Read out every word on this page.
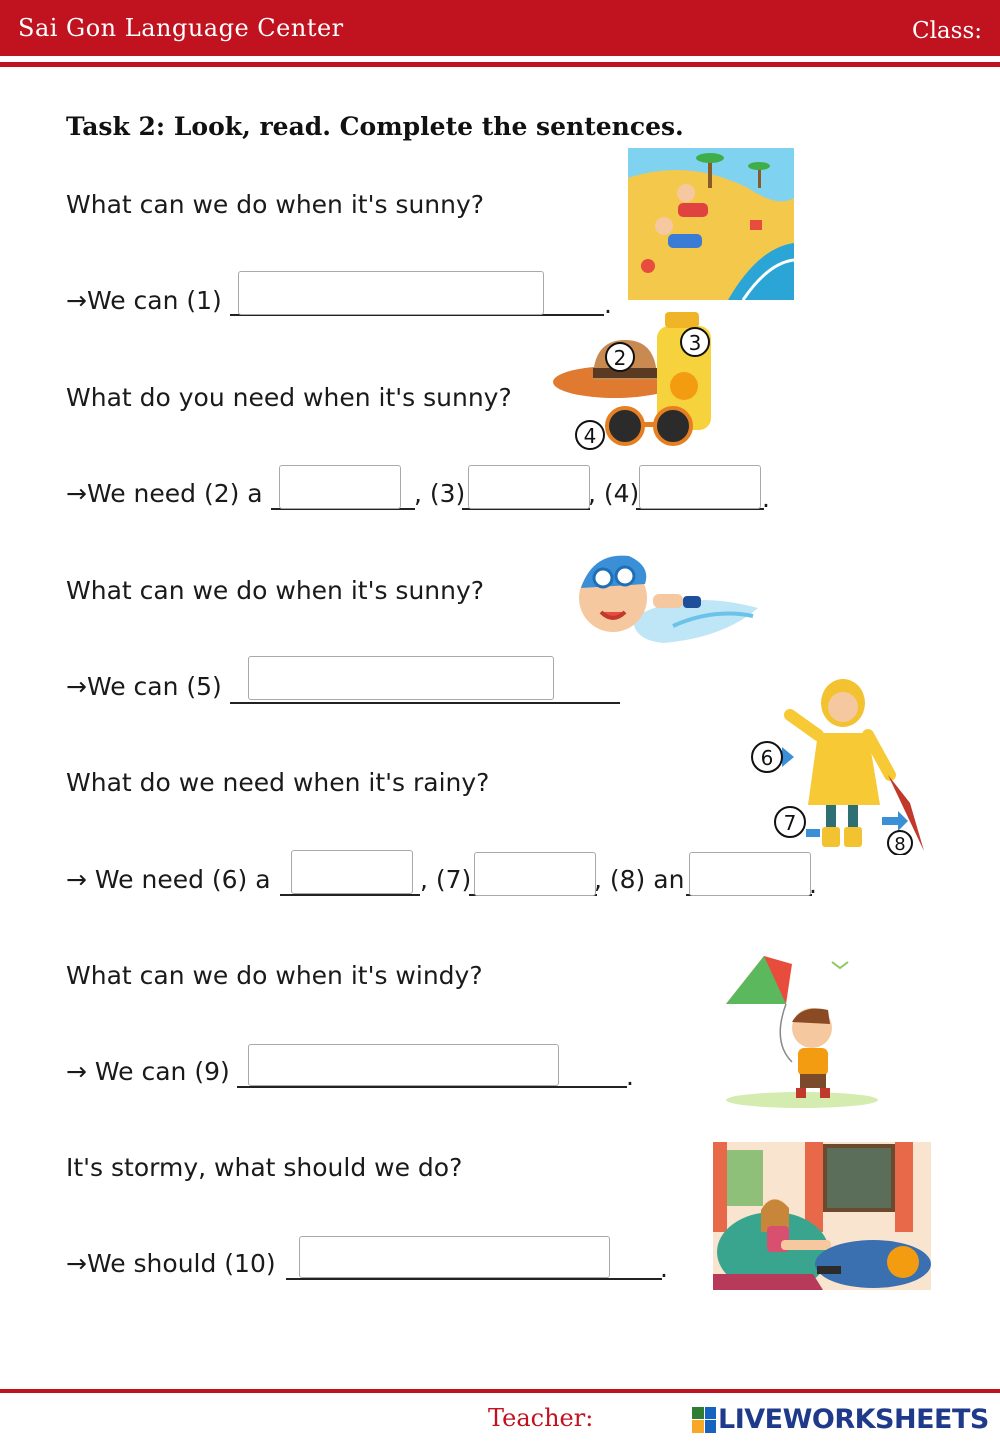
Sai Gon Language Center	Class:
Task 2: Look, read. Complete the sentences.
What can we do when it's sunny?
→We can (1)	.
What do you need when it's sunny?
→We need (2) a	, (3)	, (4)	.
What can we do when it's sunny?
→We can (5)
What do we need when it's rainy?
→ We need (6) a	, (7)	, (8) an	.
What can we do when it's windy?
→ We can (9)	.
It's stormy, what should we do?
→We should (10)	.
2
3
4
6
7
8
Teacher:	LIVEWORKSHEETS
